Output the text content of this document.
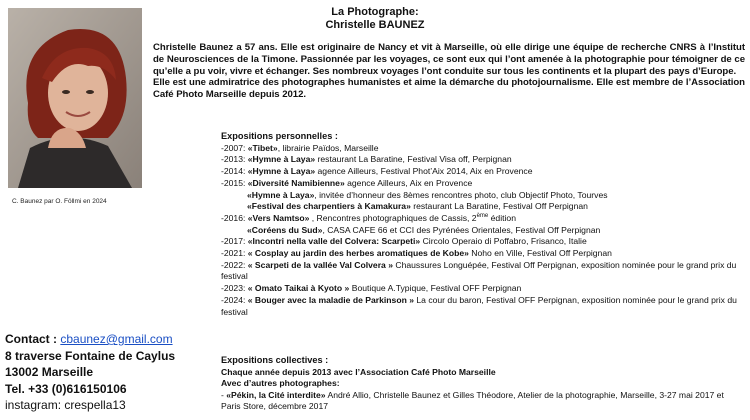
C. Baunez par O. Föllmi en 2024
La Photographe:
Christelle BAUNEZ

Christelle Baunez a 57 ans. Elle est originaire de Nancy et vit à Marseille, où elle dirige une équipe de recherche CNRS à l’Institut de Neurosciences de la Timone. Passionnée par les voyages, ce sont eux qui l’ont amenée à la photographie pour témoigner de ce qu’elle a pu voir, vivre et échanger. Ses nombreux voyages l’ont conduite sur tous les continents et la plupart des pays d’Europe.

Elle est une admiratrice des photographes humanistes et aime la démarche du photojournalisme. Elle est membre de l’Association Café Photo Marseille depuis 2012.

Expositions personnelles :
-2007: «Tibet», librairie Païdos, Marseille
-2013: «Hymne à Laya» restaurant La Baratine, Festival Visa off, Perpignan
-2014: «Hymne à Laya» agence Ailleurs, Festival Phot’Aix 2014, Aix en Provence
-2015: «Diversité Namibienne» agence Ailleurs, Aix en Provence
«Hymne à Laya», invitée d’honneur des 8èmes rencontres photo, club Objectif Photo, Tourves
«Festival des charpentiers à Kamakura» restaurant La Baratine, Festival Off Perpignan
-2016: «Vers Namtso» , Rencontres photographiques de Cassis, 2ème édition
«Coréens du Sud», CASA CAFE 66 et CCI des Pyrénées Orientales, Festival Off Perpignan
-2017: «Incontri nella valle del Colvera: Scarpeti» Circolo Operaio di Poffabro, Frisanco, Italie
-2021: « Cosplay au jardin des herbes aromatiques de Kobe» Noho en Ville, Festival Off Perpignan
-2022: « Scarpeti de la vallée Val Colvera » Chaussures Longuépée, Festival Off Perpignan, exposition nominée pour le grand prix du festival
-2023: « Omato Taikai à Kyoto » Boutique A.Typique, Festival OFF Perpignan
-2024: « Bouger avec la maladie de Parkinson » La cour du baron, Festival OFF Perpignan, exposition nominée pour le grand prix du festival
Expositions collectives :
Chaque année depuis 2013 avec l’Association Café Photo Marseille
Avec d’autres photographes:
- «Pékin, la Cité interdite» André Allio, Christelle Baunez et Gilles Théodore, Atelier de la photographie, Marseille, 3-27 mai 2017 et Paris Store, décembre 2017
Contact : cbaunez@gmail.com
8 traverse Fontaine de Caylus
13002 Marseille
Tel. +33 (0)616150106
instagram: crespella13
